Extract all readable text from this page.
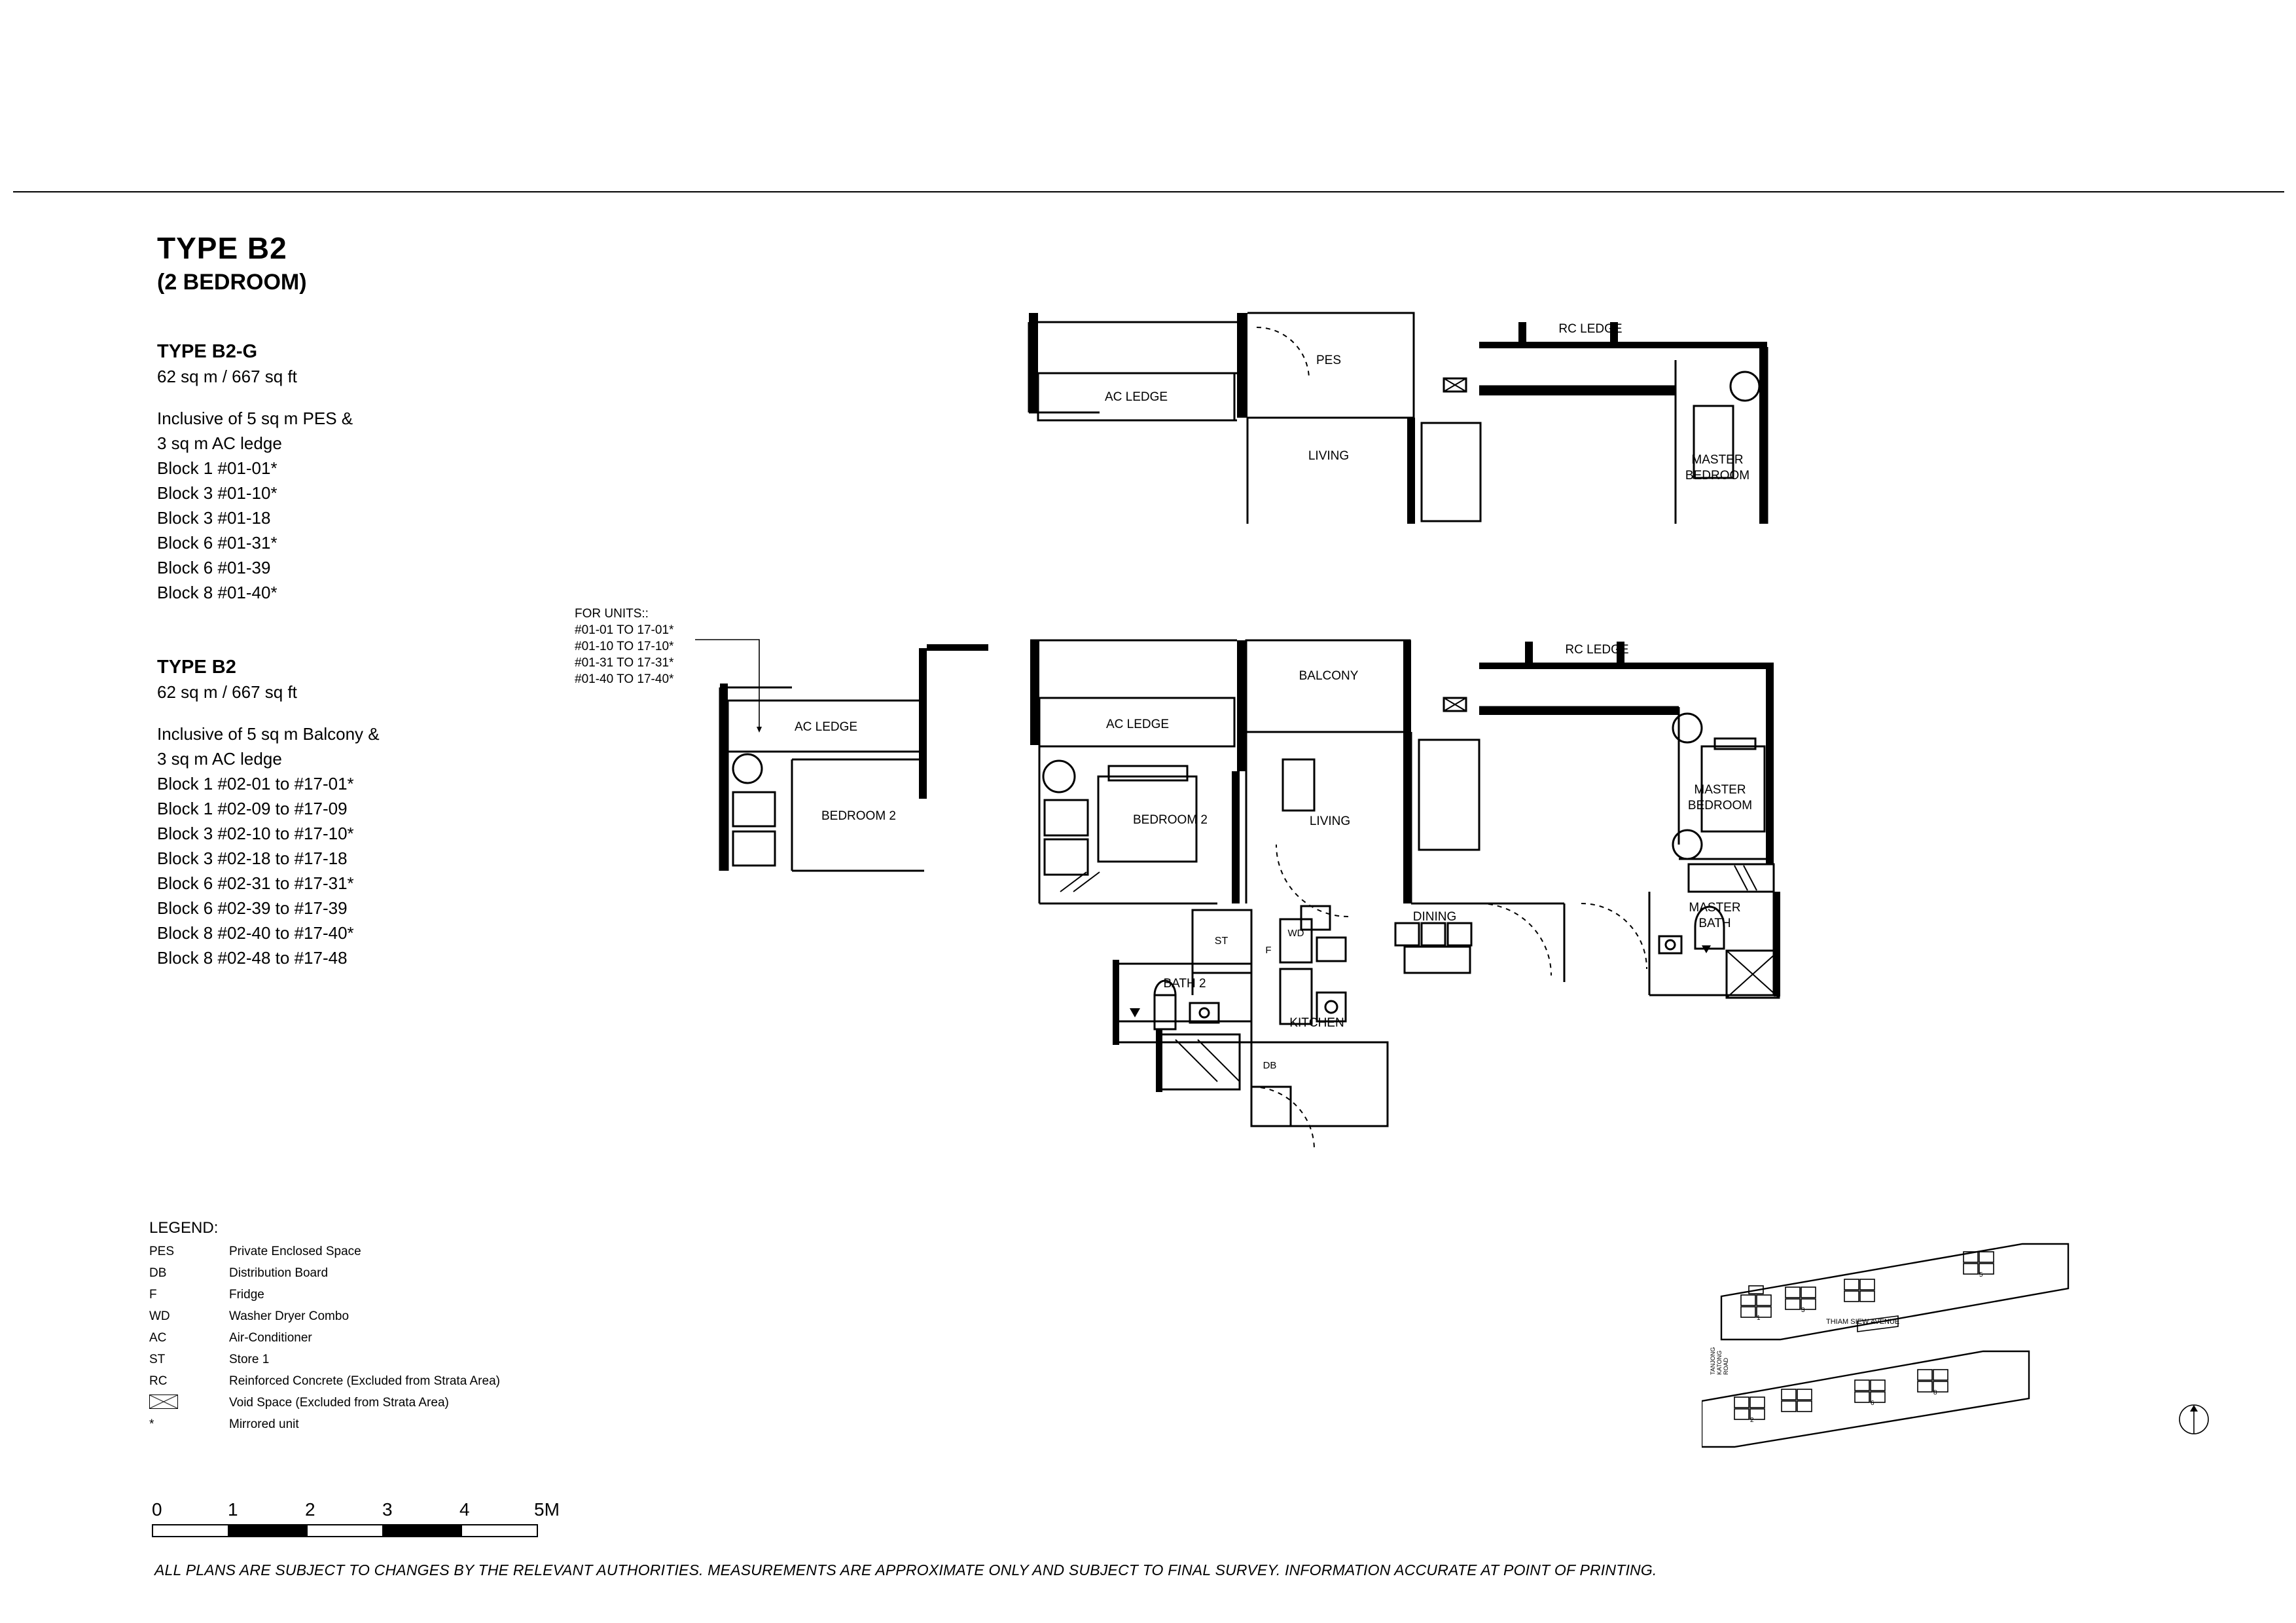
TYPE B2
(2 BEDROOM)
TYPE B2-G
62 sq m / 667 sq ft
Inclusive of 5 sq m PES &
3 sq m AC ledge
Block 1 #01-01*
Block 3 #01-10*
Block 3 #01-18
Block 6 #01-31*
Block 6 #01-39
Block 8 #01-40*
TYPE B2
62 sq m / 667 sq ft
Inclusive of 5 sq m Balcony &
3 sq m AC ledge
Block 1 #02-01 to #17-01*
Block 1 #02-09 to #17-09
Block 3 #02-10 to #17-10*
Block 3 #02-18 to #17-18
Block 6 #02-31 to #17-31*
Block 6 #02-39 to #17-39
Block 8 #02-40 to #17-40*
Block 8 #02-48 to #17-48
FOR UNITS::
#01-01 TO 17-01*
#01-10 TO 17-10*
#01-31 TO 17-31*
#01-40 TO 17-40*
LEGEND:
PES	Private Enclosed Space
DB	Distribution Board
F	Fridge
WD	Washer Dryer Combo
AC	Air-Conditioner
ST	Store 1
RC	Reinforced Concrete (Excluded from Strata Area)
Void Space (Excluded from Strata Area)
*	Mirrored unit
0	1	2	3	4	5M
ALL PLANS ARE SUBJECT TO CHANGES BY THE RELEVANT AUTHORITIES. MEASUREMENTS ARE APPROXIMATE ONLY AND SUBJECT TO FINAL SURVEY. INFORMATION ACCURATE AT POINT OF PRINTING.
PES
RC LEDGE
AC LEDGE
LIVING	MASTER
BEDROOM
AC LEDGE
BEDROOM 2
BALCONY
RC LEDGE
AC LEDGE
LIVING
BEDROOM 2
MASTER
BEDROOM
DINING
MASTER
BATH
ST
BATH 2
KITCHEN
WD
F
DB
THIAM SIEW AVENUE
TANJONG KATONG ROAD
1
3
5
2
6
8
